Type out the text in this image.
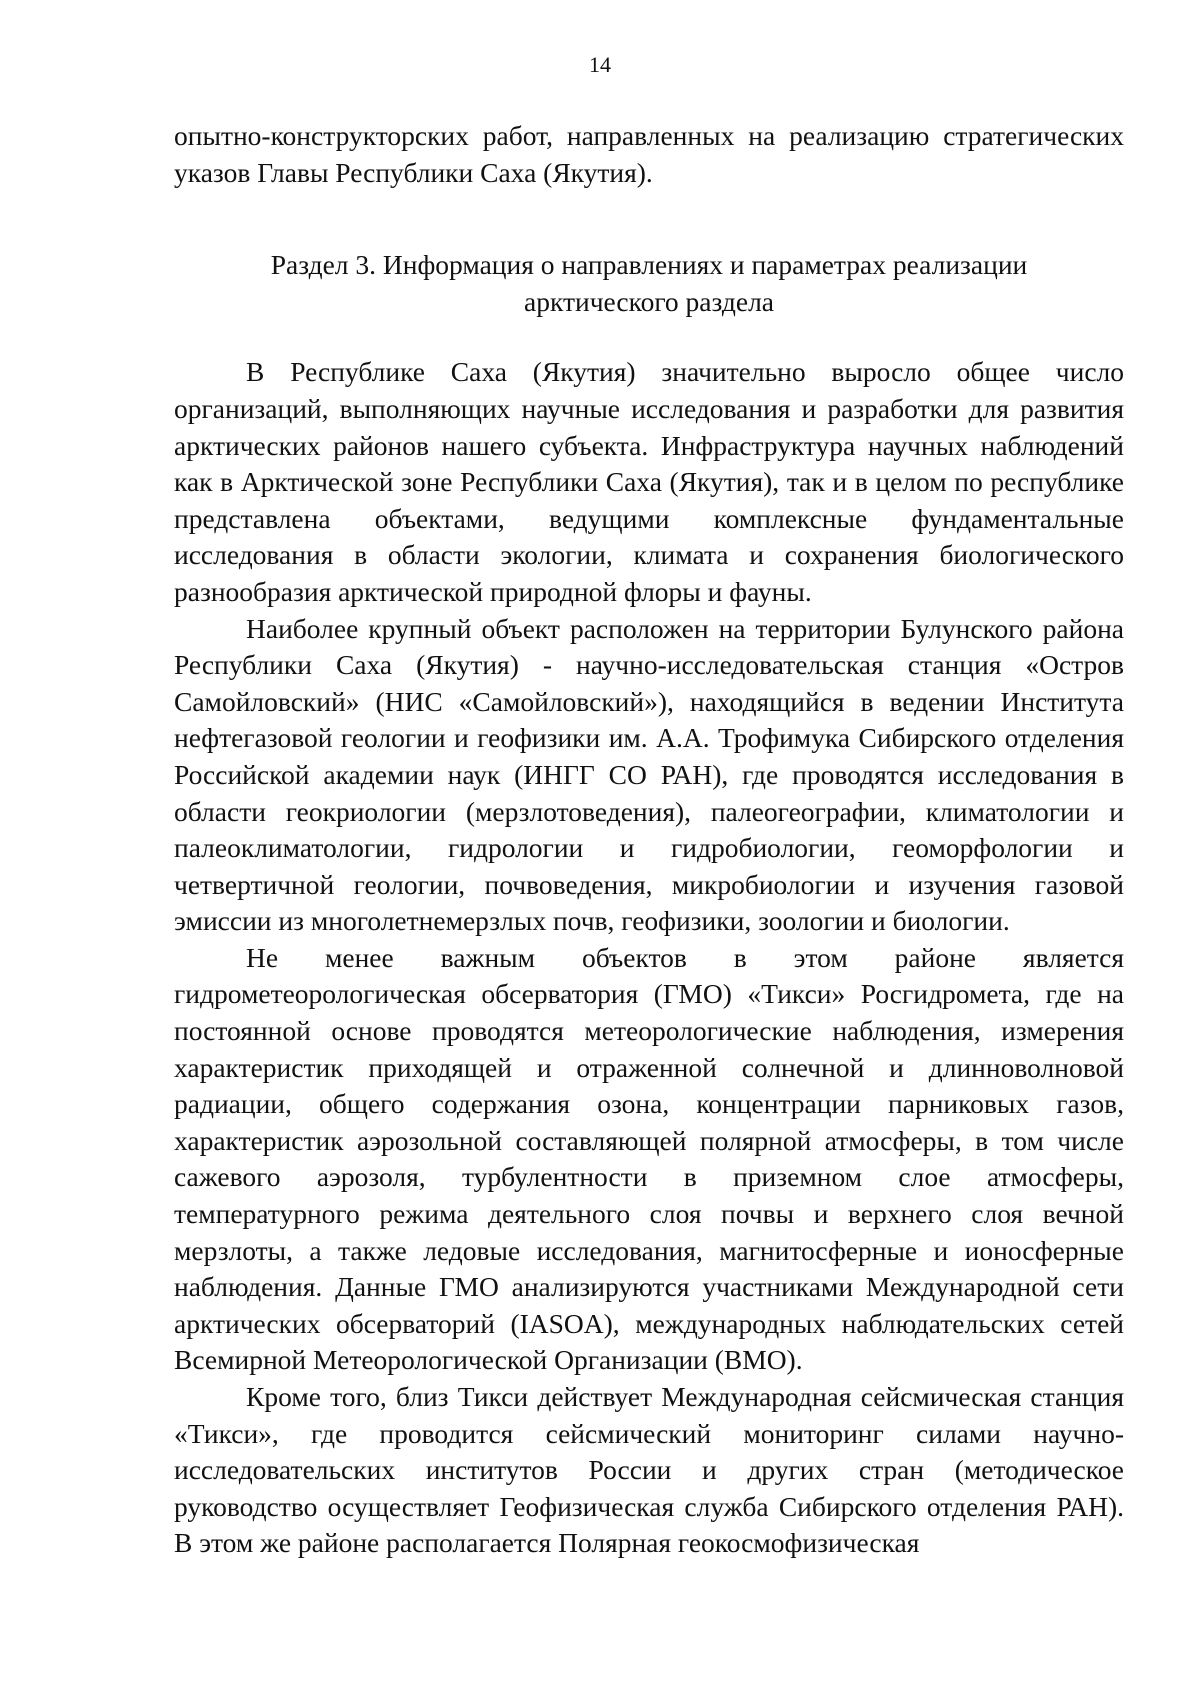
14

опытно-конструкторских работ, направленных на реализацию стратегических указов Главы Республики Саха (Якутия).

Раздел 3. Информация о направлениях и параметрах реализации арктического раздела

В Республике Саха (Якутия) значительно выросло общее число организаций, выполняющих научные исследования и разработки для развития арктических районов нашего субъекта. Инфраструктура научных наблюдений как в Арктической зоне Республики Саха (Якутия), так и в целом по республике представлена объектами, ведущими комплексные фундаментальные исследования в области экологии, климата и сохранения биологического разнообразия арктической природной флоры и фауны.

Наиболее крупный объект расположен на территории Булунского района Республики Саха (Якутия) - научно-исследовательская станция «Остров Самойловский» (НИС «Самойловский»), находящийся в ведении Института нефтегазовой геологии и геофизики им. А.А. Трофимука Сибирского отделения Российской академии наук (ИНГГ СО РАН), где проводятся исследования в области геокриологии (мерзлотоведения), палеогеографии, климатологии и палеоклиматологии, гидрологии и гидробиологии, геоморфологии и четвертичной геологии, почвоведения, микробиологии и изучения газовой эмиссии из многолетнемерзлых почв, геофизики, зоологии и биологии.

Не менее важным объектов в этом районе является гидрометеорологическая обсерватория (ГМО) «Тикси» Росгидромета, где на постоянной основе проводятся метеорологические наблюдения, измерения характеристик приходящей и отраженной солнечной и длинноволновой радиации, общего содержания озона, концентрации парниковых газов, характеристик аэрозольной составляющей полярной атмосферы, в том числе сажевого аэрозоля, турбулентности в приземном слое атмосферы, температурного режима деятельного слоя почвы и верхнего слоя вечной мерзлоты, а также ледовые исследования, магнитосферные и ионосферные наблюдения. Данные ГМО анализируются участниками Международной сети арктических обсерваторий (IASOA), международных наблюдательских сетей Всемирной Метеорологической Организации (ВМО).

Кроме того, близ Тикси действует Международная сейсмическая станция «Тикси», где проводится сейсмический мониторинг силами научно-исследовательских институтов России и других стран (методическое руководство осуществляет Геофизическая служба Сибирского отделения РАН). В этом же районе располагается Полярная геокосмофизическая
